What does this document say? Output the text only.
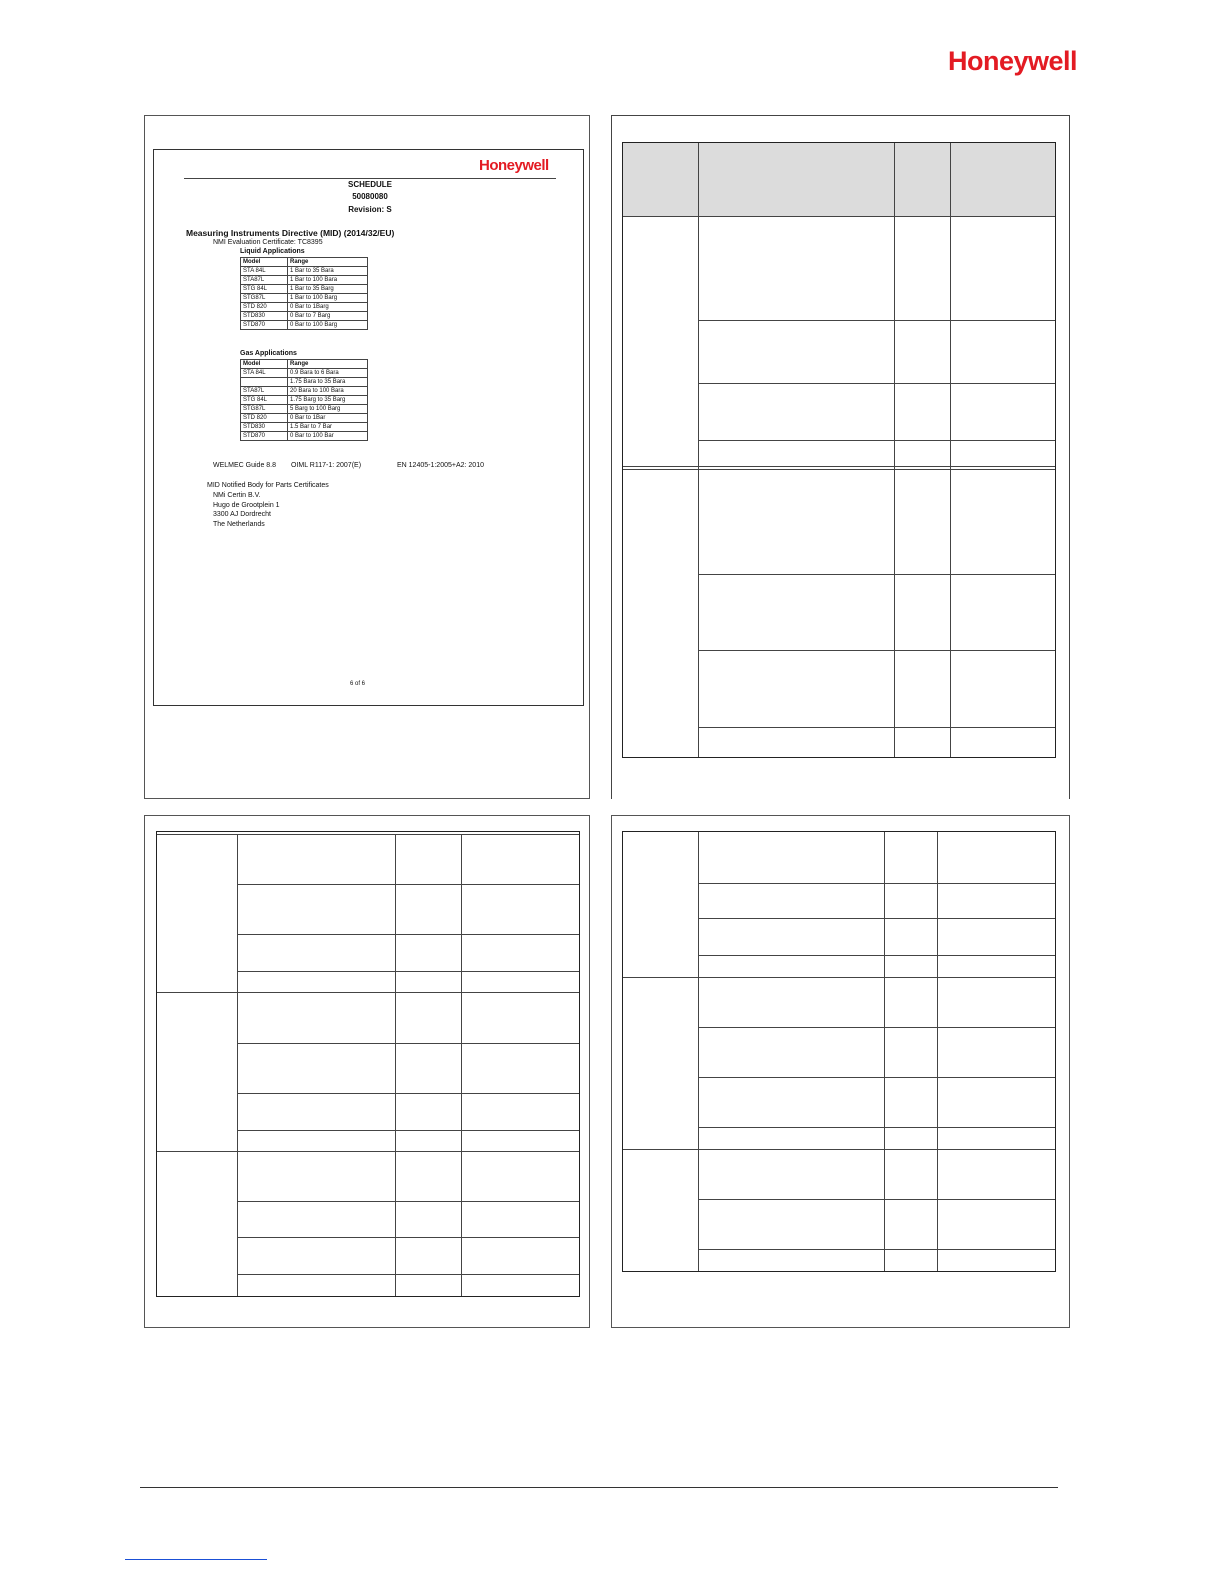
Honeywell
Honeywell
SCHEDULE
50080080
Revision: S
Measuring Instruments Directive (MID) (2014/32/EU)
NMI Evaluation Certificate: TC8395
Liquid Applications
Model	Range
STA 84L	1 Bar to 35 Bara
STA87L	1 Bar to 100 Bara
STG 84L	1 Bar to 35 Barg
STG87L	1 Bar to 100 Barg
STD 820	0 Bar to 1Barg
STD830	0 Bar to 7 Barg
STD870	0 Bar to 100 Barg
Gas Applications
Model	Range
STA 84L	0.9 Bara to 6 Bara
	1.75 Bara to 35 Bara
STA87L	20 Bara to 100 Bara
STG 84L	1.75 Barg to 35 Barg
STG87L	5 Barg to 100 Barg
STD 820	0 Bar to 1Bar
STD830	1.5 Bar to 7 Bar
STD870	0 Bar to 100 Bar
WELMEC Guide 8.8 OIML R117-1: 2007(E)	EN 12405-1:2005+A2: 2010
MID Notified Body for Parts Certificates
NMi Certin B.V.
Hugo de Grootplein 1
3300 AJ Dordrecht
The Netherlands
6 of 6
